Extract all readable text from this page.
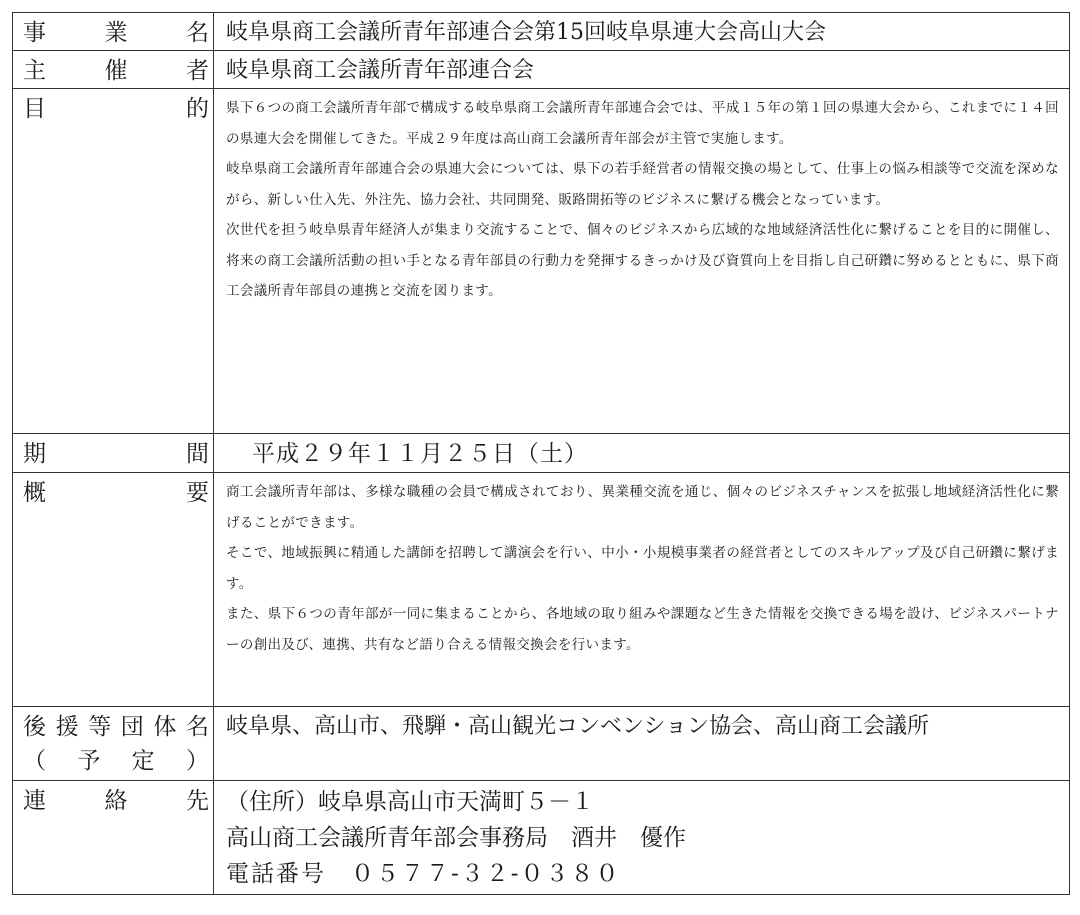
事　業　名	岐阜県商工会議所青年部連合会第15回岐阜県連大会高山大会

主　催　者	岐阜県商工会議所青年部連合会

目　　　的	県下６つの商工会議所青年部で構成する岐阜県商工会議所青年部連合会では、平成１５年の第１回の県連大会から、これまでに１４回の県連大会を開催してきた。平成２９年度は高山商工会議所青年部会が主管で実施します。

岐阜県商工会議所青年部連合会の県連大会については、県下の若手経営者の情報交換の場として、仕事上の悩み相談等で交流を深めながら、新しい仕入先、外注先、協力会社、共同開発、販路開拓等のビジネスに繋げる機会となっています。

次世代を担う岐阜県青年経済人が集まり交流することで、個々のビジネスから広域的な地域経済活性化に繋げることを目的に開催し、将来の商工会議所活動の担い手となる青年部員の行動力を発揮するきっかけ及び資質向上を目指し自己研鑽に努めるとともに、県下商工会議所青年部員の連携と交流を図ります。

期　　　間	平成２９年１１月２５日（土）

概　　　要	商工会議所青年部は、多様な職種の会員で構成されており、異業種交流を通じ、個々のビジネスチャンスを拡張し地域経済活性化に繋げることができます。

そこで、地域振興に精通した講師を招聘して講演会を行い、中小・小規模事業者の経営者としてのスキルアップ及び自己研鑽に繋げます。

また、県下６つの青年部が一同に集まることから、各地域の取り組みや課題など生きた情報を交換できる場を設け、ビジネスパートナーの創出及び、連携、共有など語り合える情報交換会を行います。

後援等団体名
（予定）	岐阜県、高山市、飛騨・高山観光コンベンション協会、高山商工会議所

連　絡　先	（住所）岐阜県高山市天満町５－１
高山商工会議所青年部会事務局　酒井　優作
電話番号　０５７７‐３２‐０３８０
